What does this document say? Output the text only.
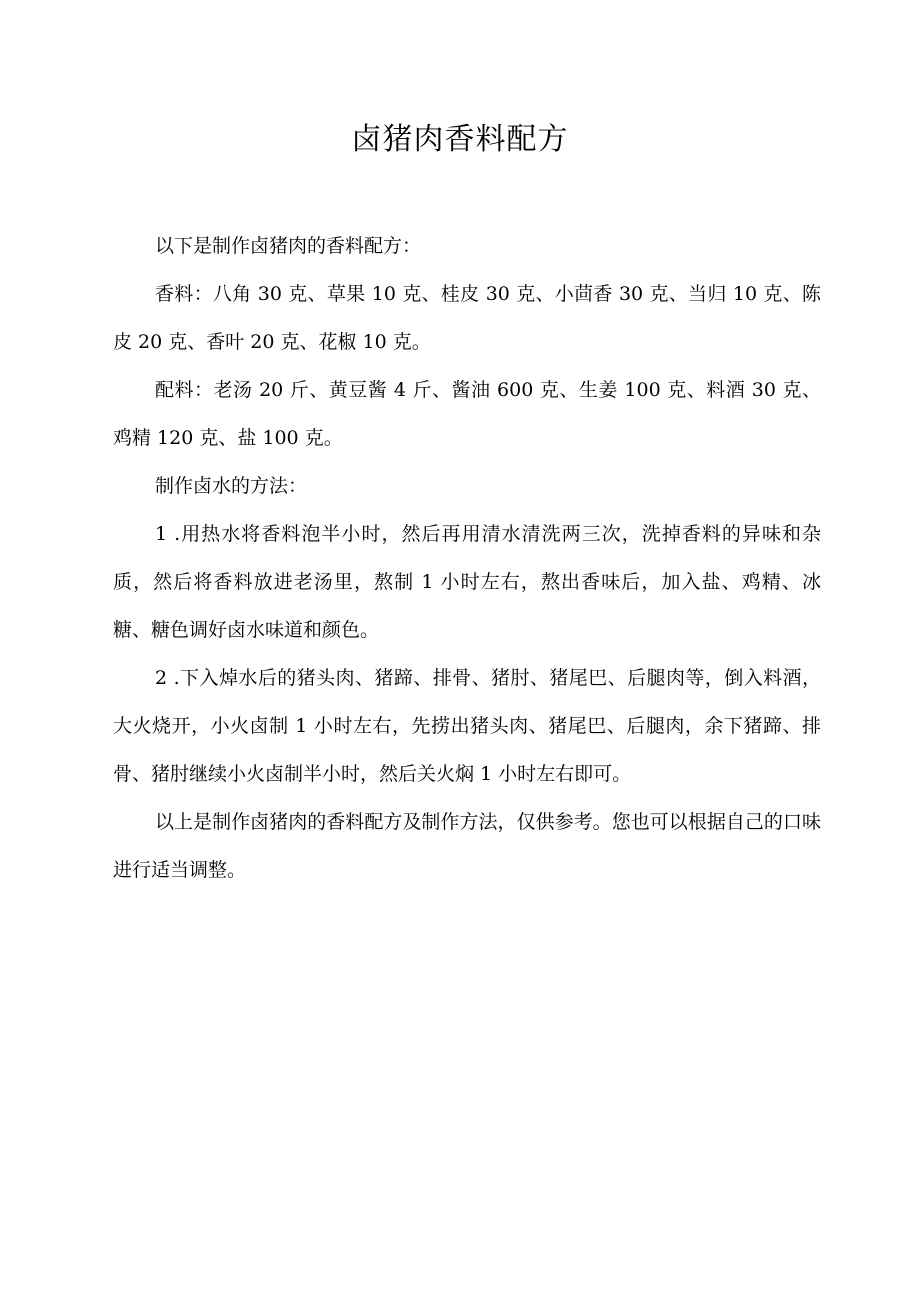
卤猪肉香料配方

以下是制作卤猪肉的香料配方：

香料：八角 30 克、草果 10 克、桂皮 30 克、小茴香 30 克、当归 10 克、陈皮 20 克、香叶 20 克、花椒 10 克。

配料：老汤 20 斤、黄豆酱 4 斤、酱油 600 克、生姜 100 克、料酒 30 克、鸡精 120 克、盐 100 克。

制作卤水的方法：

1 .用热水将香料泡半小时，然后再用清水清洗两三次，洗掉香料的异味和杂质，然后将香料放进老汤里，熬制 1 小时左右，熬出香味后，加入盐、鸡精、冰糖、糖色调好卤水味道和颜色。

2 .下入焯水后的猪头肉、猪蹄、排骨、猪肘、猪尾巴、后腿肉等，倒入料酒，大火烧开，小火卤制 1 小时左右，先捞出猪头肉、猪尾巴、后腿肉，余下猪蹄、排骨、猪肘继续小火卤制半小时，然后关火焖 1 小时左右即可。

以上是制作卤猪肉的香料配方及制作方法，仅供参考。您也可以根据自己的口味进行适当调整。
